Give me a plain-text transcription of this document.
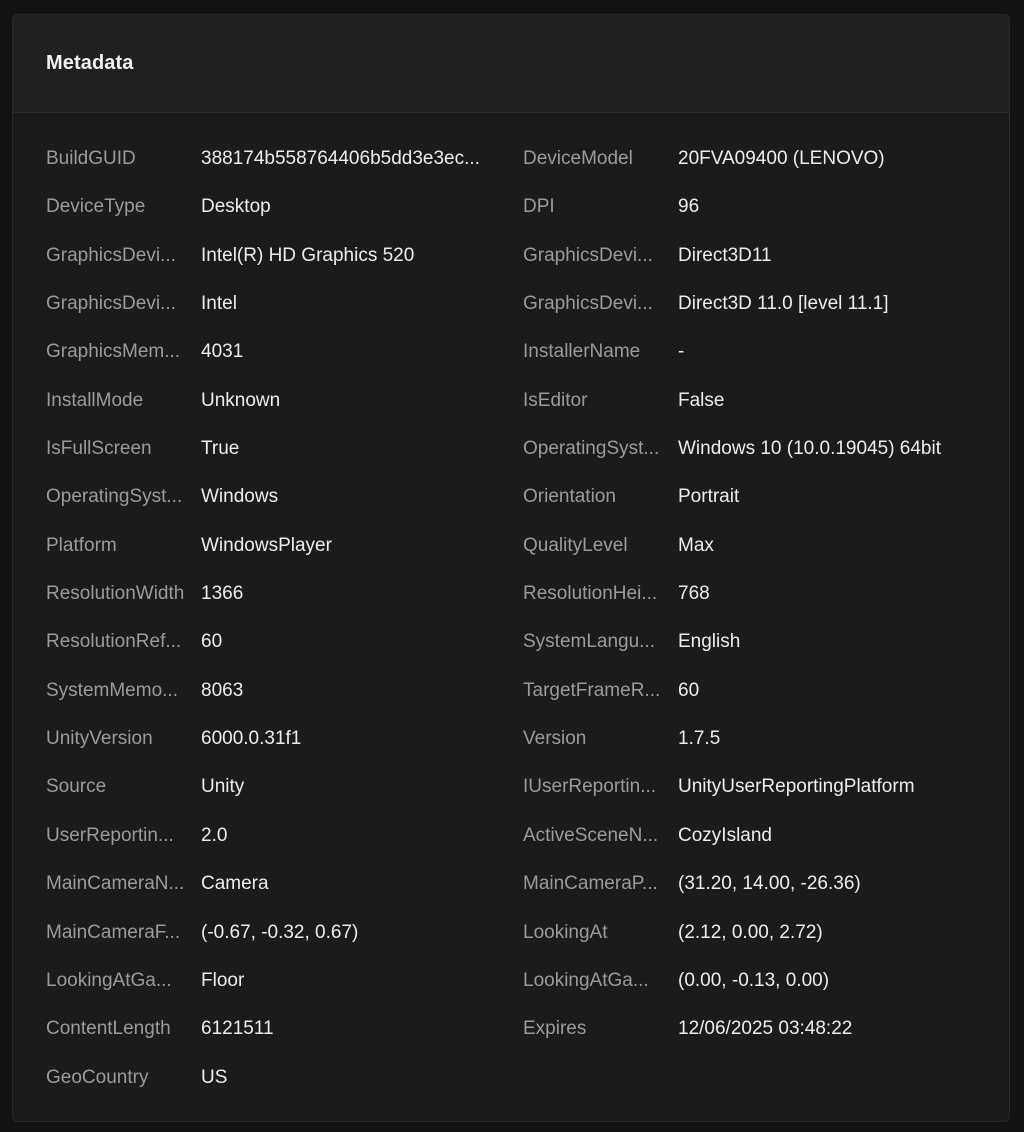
Metadata
BuildGUID	388174b558764406b5dd3e3ec...	DeviceModel	20FVA09400 (LENOVO)
DeviceType	Desktop	DPI	96
GraphicsDevi...	Intel(R) HD Graphics 520	GraphicsDevi...	Direct3D11
GraphicsDevi...	Intel	GraphicsDevi...	Direct3D 11.0 [level 11.1]
GraphicsMem...	4031	InstallerName	-
InstallMode	Unknown	IsEditor	False
IsFullScreen	True	OperatingSyst... Windows 10 (10.0.19045) 64bit
OperatingSyst... Windows	Orientation	Portrait
Platform	WindowsPlayer	QualityLevel	Max
ResolutionWidth 1366	ResolutionHei...	768
ResolutionRef...	60	SystemLangu...	English
SystemMemo...	8063	TargetFrameR... 60
UnityVersion	6000.0.31f1	Version	1.7.5
Source	Unity	IUserReportin...	UnityUserReportingPlatform
UserReportin...	2.0	ActiveSceneN...	CozyIsland
MainCameraN... Camera	MainCameraP...	(31.20, 14.00, -26.36)
MainCameraF...	(-0.67, -0.32, 0.67)	LookingAt	(2.12, 0.00, 2.72)
LookingAtGa...	Floor	LookingAtGa...	(0.00, -0.13, 0.00)
ContentLength	6121511	Expires	12/06/2025 03:48:22
GeoCountry	US
